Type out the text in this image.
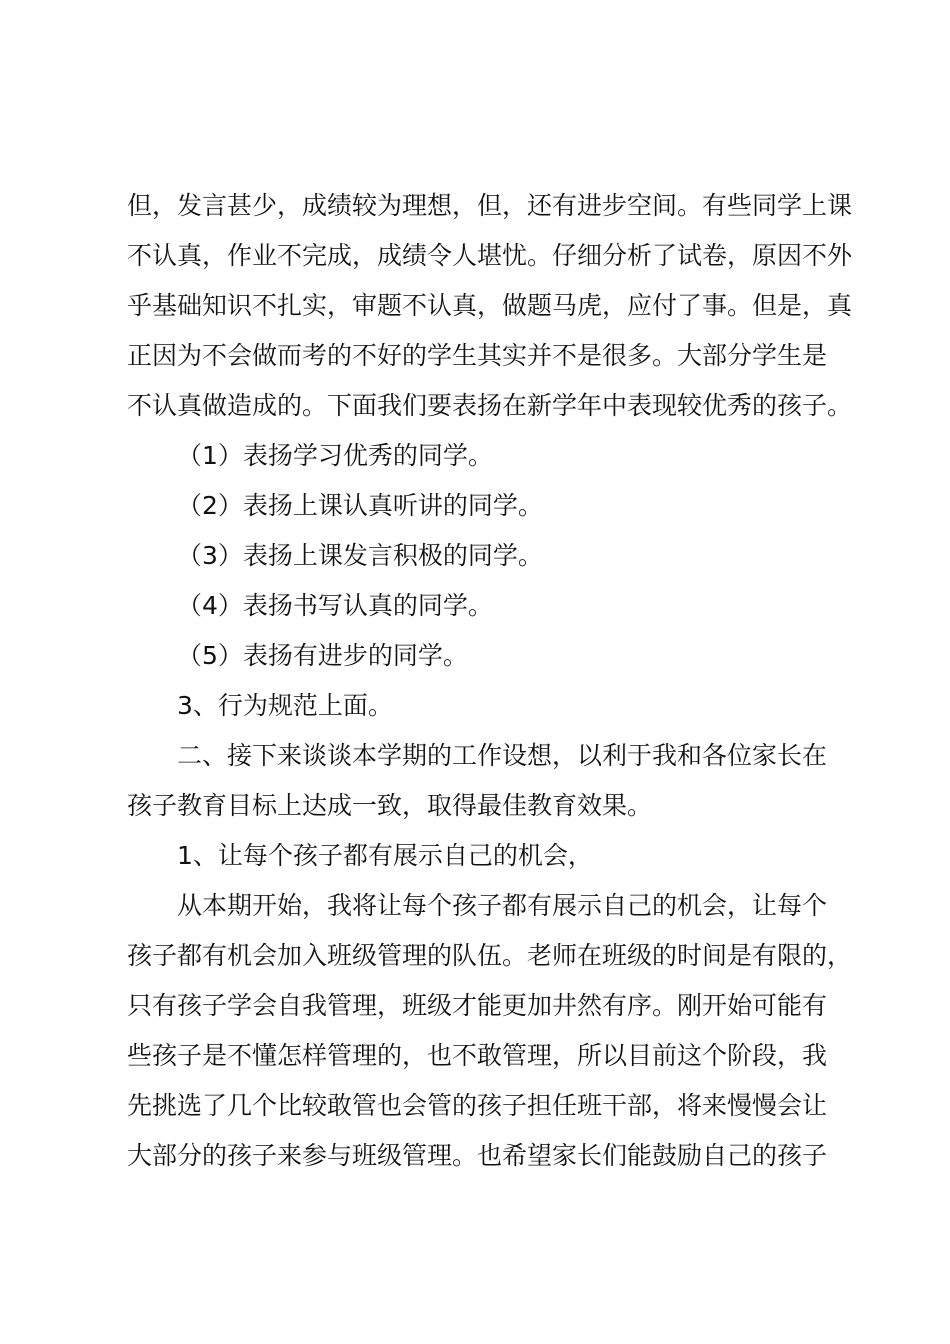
但，发言甚少，成绩较为理想，但，还有进步空间。有些同学上课
不认真，作业不完成，成绩令人堪忧。仔细分析了试卷，原因不外
乎基础知识不扎实，审题不认真，做题马虎，应付了事。但是，真
正因为不会做而考的不好的学生其实并不是很多。大部分学生是
不认真做造成的。下面我们要表扬在新学年中表现较优秀的孩子。
（1）表扬学习优秀的同学。
（2）表扬上课认真听讲的同学。
（3）表扬上课发言积极的同学。
（4）表扬书写认真的同学。
（5）表扬有进步的同学。
3、行为规范上面。
二、接下来谈谈本学期的工作设想，以利于我和各位家长在
孩子教育目标上达成一致，取得最佳教育效果。
1、让每个孩子都有展示自己的机会，
从本期开始，我将让每个孩子都有展示自己的机会，让每个
孩子都有机会加入班级管理的队伍。老师在班级的时间是有限的，
只有孩子学会自我管理，班级才能更加井然有序。刚开始可能有
些孩子是不懂怎样管理的，也不敢管理，所以目前这个阶段，我
先挑选了几个比较敢管也会管的孩子担任班干部，将来慢慢会让
大部分的孩子来参与班级管理。也希望家长们能鼓励自己的孩子
